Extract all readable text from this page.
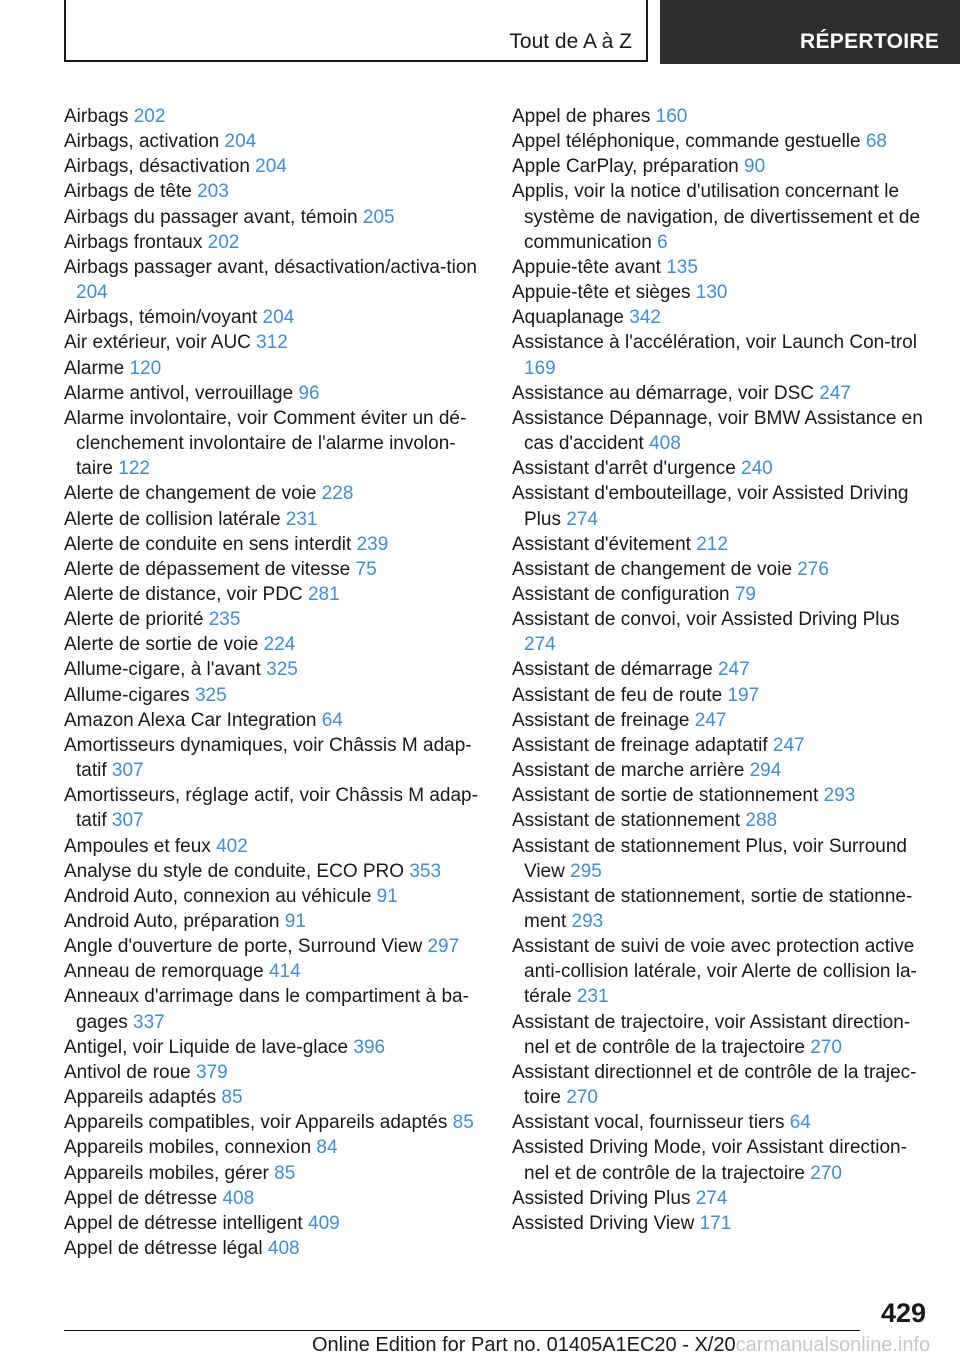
Tout de A à Z	RÉPERTOIRE
Airbags 202
Airbags, activation 204
Airbags, désactivation 204
Airbags de tête 203
Airbags du passager avant, témoin 205
Airbags frontaux 202
Airbags passager avant, désactivation/activa‐tion 204
Airbags, témoin/voyant 204
Air extérieur, voir AUC 312
Alarme 120
Alarme antivol, verrouillage 96
Alarme involontaire, voir Comment éviter un dé‐clenchement involontaire de l'alarme involon‐taire 122
Alerte de changement de voie 228
Alerte de collision latérale 231
Alerte de conduite en sens interdit 239
Alerte de dépassement de vitesse 75
Alerte de distance, voir PDC 281
Alerte de priorité 235
Alerte de sortie de voie 224
Allume-cigare, à l'avant 325
Allume-cigares 325
Amazon Alexa Car Integration 64
Amortisseurs dynamiques, voir Châssis M adap‐tatif 307
Amortisseurs, réglage actif, voir Châssis M adap‐tatif 307
Ampoules et feux 402
Analyse du style de conduite, ECO PRO 353
Android Auto, connexion au véhicule 91
Android Auto, préparation 91
Angle d'ouverture de porte, Surround View 297
Anneau de remorquage 414
Anneaux d'arrimage dans le compartiment à ba‐gages 337
Antigel, voir Liquide de lave-glace 396
Antivol de roue 379
Appareils adaptés 85
Appareils compatibles, voir Appareils adaptés 85
Appareils mobiles, connexion 84
Appareils mobiles, gérer 85
Appel de détresse 408
Appel de détresse intelligent 409
Appel de détresse légal 408
Appel de phares 160
Appel téléphonique, commande gestuelle 68
Apple CarPlay, préparation 90
Applis, voir la notice d'utilisation concernant le système de navigation, de divertissement et de communication 6
Appuie-tête avant 135
Appuie-tête et sièges 130
Aquaplanage 342
Assistance à l'accélération, voir Launch Con‐trol 169
Assistance au démarrage, voir DSC 247
Assistance Dépannage, voir BMW Assistance en cas d'accident 408
Assistant d'arrêt d'urgence 240
Assistant d'embouteillage, voir Assisted Driving Plus 274
Assistant d'évitement 212
Assistant de changement de voie 276
Assistant de configuration 79
Assistant de convoi, voir Assisted Driving Plus 274
Assistant de démarrage 247
Assistant de feu de route 197
Assistant de freinage 247
Assistant de freinage adaptatif 247
Assistant de marche arrière 294
Assistant de sortie de stationnement 293
Assistant de stationnement 288
Assistant de stationnement Plus, voir Surround View 295
Assistant de stationnement, sortie de stationne‐ment 293
Assistant de suivi de voie avec protection active anti-collision latérale, voir Alerte de collision la‐térale 231
Assistant de trajectoire, voir Assistant direction‐nel et de contrôle de la trajectoire 270
Assistant directionnel et de contrôle de la trajec‐toire 270
Assistant vocal, fournisseur tiers 64
Assisted Driving Mode, voir Assistant direction‐nel et de contrôle de la trajectoire 270
Assisted Driving Plus 274
Assisted Driving View 171
429
Online Edition for Part no. 01405A1EC20 - X/20carmanualsonline.info
